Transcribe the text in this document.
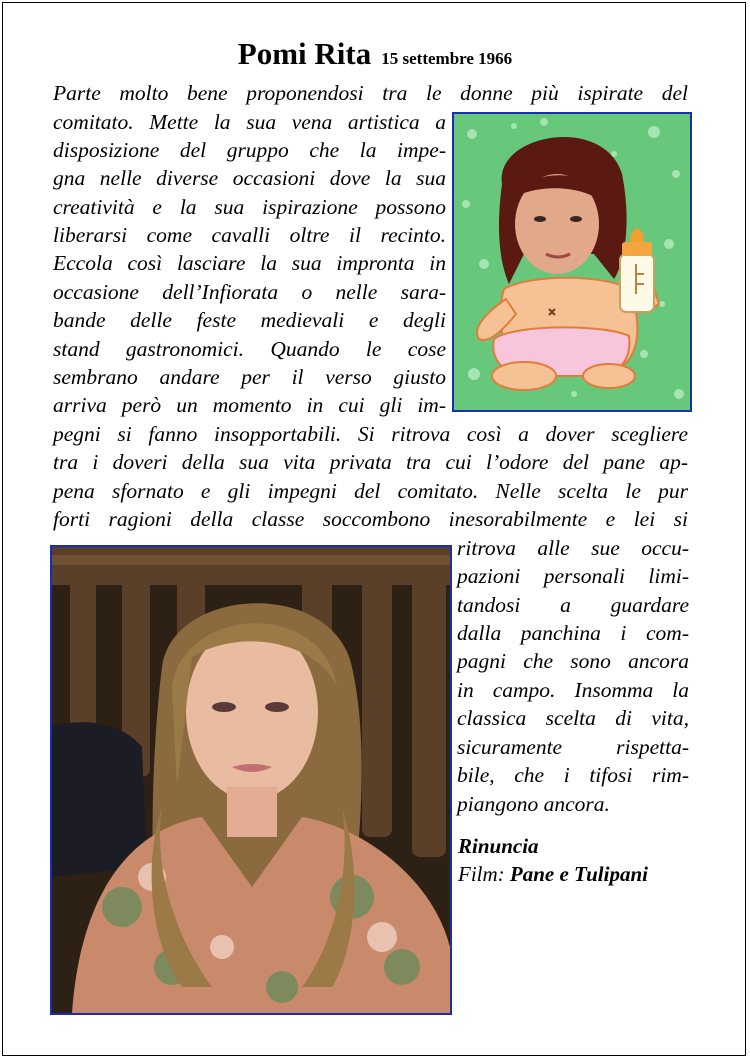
Pomi Rita 15 settembre 1966
Parte molto bene proponendosi tra le donne più ispirate del
comitato. Mette la sua vena artistica a
disposizione del gruppo che la impe-
gna nelle diverse occasioni dove la sua
creatività e la sua ispirazione possono
liberarsi come cavalli oltre il recinto.
Eccola così lasciare la sua impronta in
occasione dell’Infiorata o nelle sara-
bande delle feste medievali e degli
stand gastronomici. Quando le cose
sembrano andare per il verso giusto
arriva però un momento in cui gli im-
pegni si fanno insopportabili. Si ritrova così a dover scegliere
tra i doveri della sua vita privata tra cui l’odore del pane ap-
pena sfornato e gli impegni del comitato. Nelle scelta le pur
forti ragioni della classe soccombono inesorabilmente e lei si
ritrova alle sue occu-
pazioni personali limi-
tandosi a guardare
dalla panchina i com-
pagni che sono ancora
in campo. Insomma la
classica scelta di vita,
sicuramente rispetta-
bile, che i tifosi rim-
piangono ancora.
Rinuncia
Film: Pane e Tulipani
